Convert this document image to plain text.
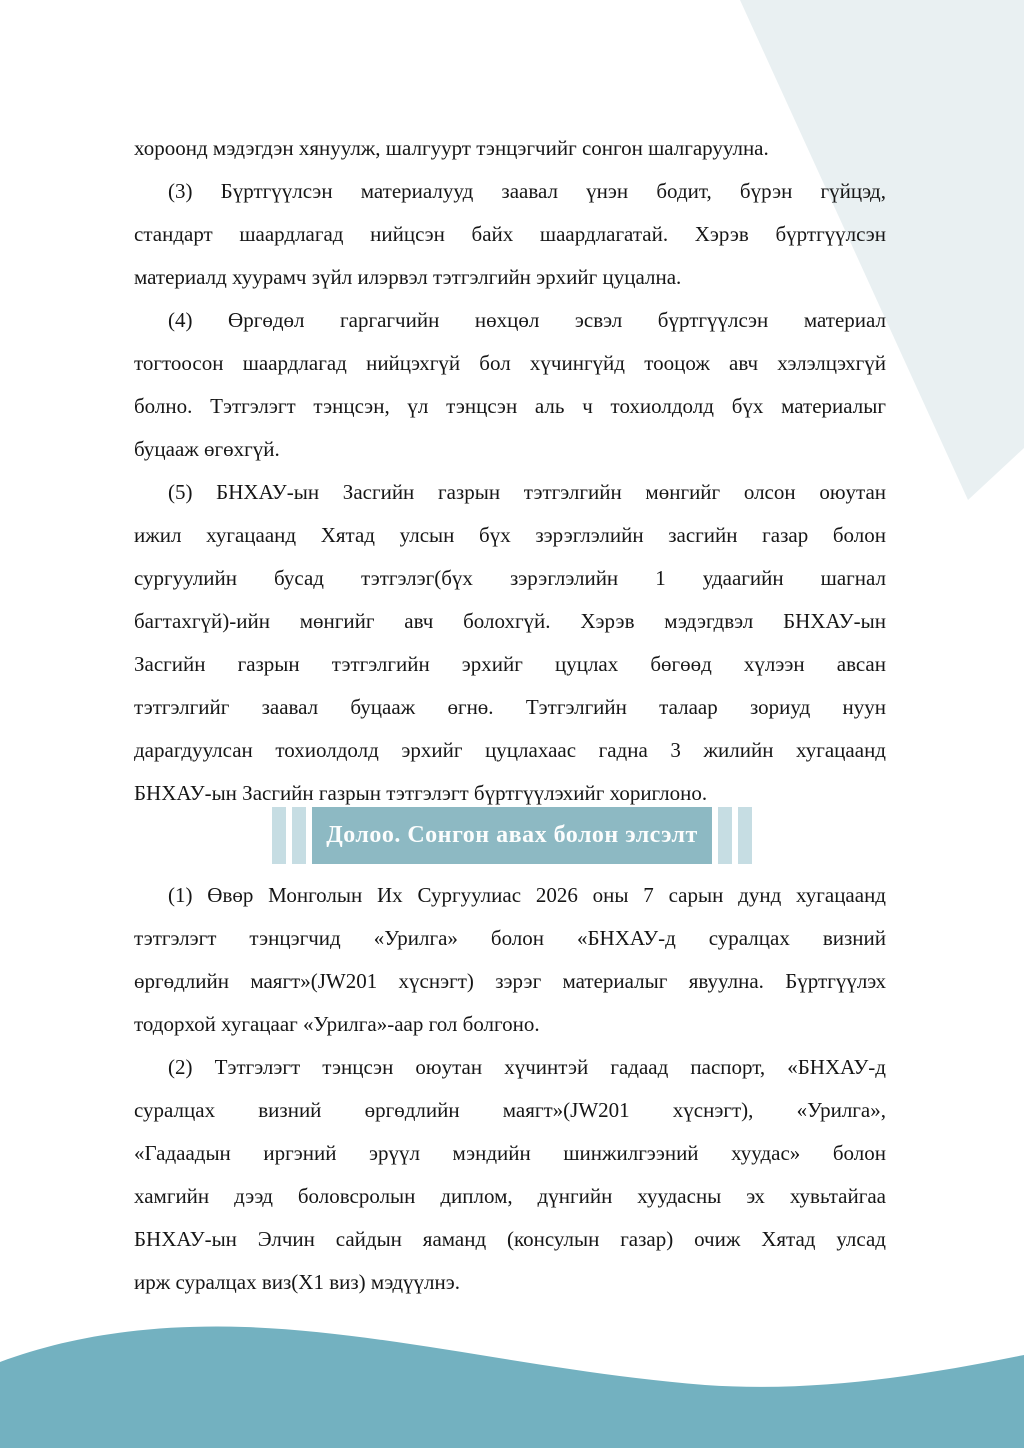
хороонд мэдэгдэн хянуулж, шалгуурт тэнцэгчийг сонгон шалгаруулна.
(3) Бүртгүүлсэн материалууд заавал үнэн бодит, бүрэн гүйцэд,
стандарт шаардлагад нийцсэн байх шаардлагатай. Хэрэв бүртгүүлсэн
материалд хуурамч зүйл илэрвэл тэтгэлгийн эрхийг цуцална.
(4) Өргөдөл гаргагчийн нөхцөл эсвэл бүртгүүлсэн материал
тогтоосон шаардлагад нийцэхгүй бол хүчингүйд тооцож авч хэлэлцэхгүй
болно. Тэтгэлэгт тэнцсэн, үл тэнцсэн аль ч тохиолдолд бүх материалыг
буцааж өгөхгүй.
(5) БНХАУ-ын Засгийн газрын тэтгэлгийн мөнгийг олсон оюутан
ижил хугацаанд Хятад улсын бүх зэрэглэлийн засгийн газар болон
сургуулийн бусад тэтгэлэг(бүх зэрэглэлийн 1 удаагийн шагнал
багтахгүй)-ийн мөнгийг авч болохгүй. Хэрэв мэдэгдвэл БНХАУ-ын
Засгийн газрын тэтгэлгийн эрхийг цуцлах бөгөөд хүлээн авсан
тэтгэлгийг заавал буцааж өгнө. Тэтгэлгийн талаар зориуд нуун
дарагдуулсан тохиолдолд эрхийг цуцлахаас гадна 3 жилийн хугацаанд
БНХАУ-ын Засгийн газрын тэтгэлэгт бүртгүүлэхийг хориглоно.
Долоо. Сонгон авах болон элсэлт
(1) Өвөр Монголын Их Сургуулиас 2026 оны 7 сарын дунд хугацаанд
тэтгэлэгт тэнцэгчид «Урилга» болон «БНХАУ-д суралцах визний
өргөдлийн маягт»(JW201 хүснэгт) зэрэг материалыг явуулна. Бүртгүүлэх
тодорхой хугацааг «Урилга»-аар гол болгоно.
(2) Тэтгэлэгт тэнцсэн оюутан хүчинтэй гадаад паспорт, «БНХАУ-д
суралцах визний өргөдлийн маягт»(JW201 хүснэгт), «Урилга»,
«Гадаадын иргэний эрүүл мэндийн шинжилгээний хуудас» болон
хамгийн дээд боловсролын диплом, дүнгийн хуудасны эх хувьтайгаа
БНХАУ-ын Элчин сайдын яаманд (консулын газар) очиж Хятад улсад
ирж суралцах виз(X1 виз) мэдүүлнэ.
